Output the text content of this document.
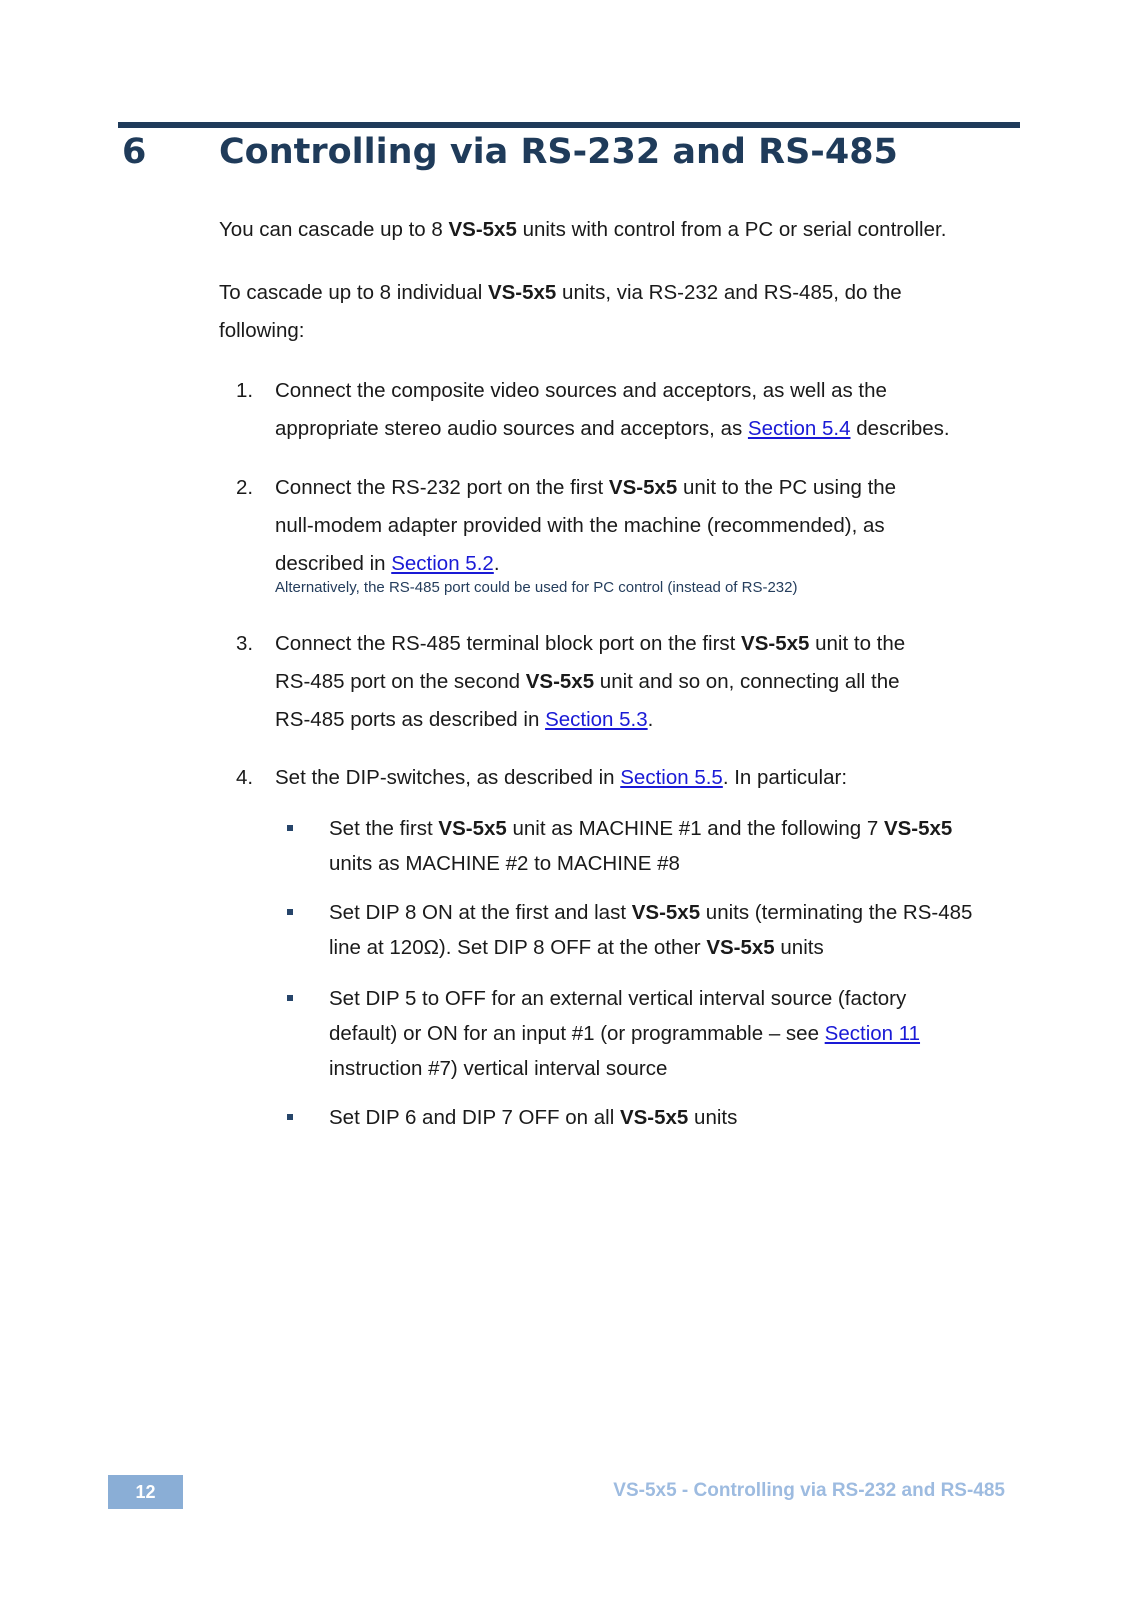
6 Controlling via RS-232 and RS-485

You can cascade up to 8 VS-5x5 units with control from a PC or serial controller.

To cascade up to 8 individual VS-5x5 units, via RS-232 and RS-485, do the
following:

1. Connect the composite video sources and acceptors, as well as the
appropriate stereo audio sources and acceptors, as Section 5.4 describes.
2. Connect the RS-232 port on the first VS-5x5 unit to the PC using the
null-modem adapter provided with the machine (recommended), as
described in Section 5.2.
Alternatively, the RS-485 port could be used for PC control (instead of RS-232)
3. Connect the RS-485 terminal block port on the first VS-5x5 unit to the
RS-485 port on the second VS-5x5 unit and so on, connecting all the
RS-485 ports as described in Section 5.3.
4. Set the DIP-switches, as described in Section 5.5. In particular:
Set the first VS-5x5 unit as MACHINE #1 and the following 7 VS-5x5
units as MACHINE #2 to MACHINE #8
Set DIP 8 ON at the first and last VS-5x5 units (terminating the RS-485
line at 120Ω). Set DIP 8 OFF at the other VS-5x5 units
Set DIP 5 to OFF for an external vertical interval source (factory
default) or ON for an input #1 (or programmable – see Section 11
instruction #7) vertical interval source
Set DIP 6 and DIP 7 OFF on all VS-5x5 units
12	VS-5x5 - Controlling via RS-232 and RS-485
